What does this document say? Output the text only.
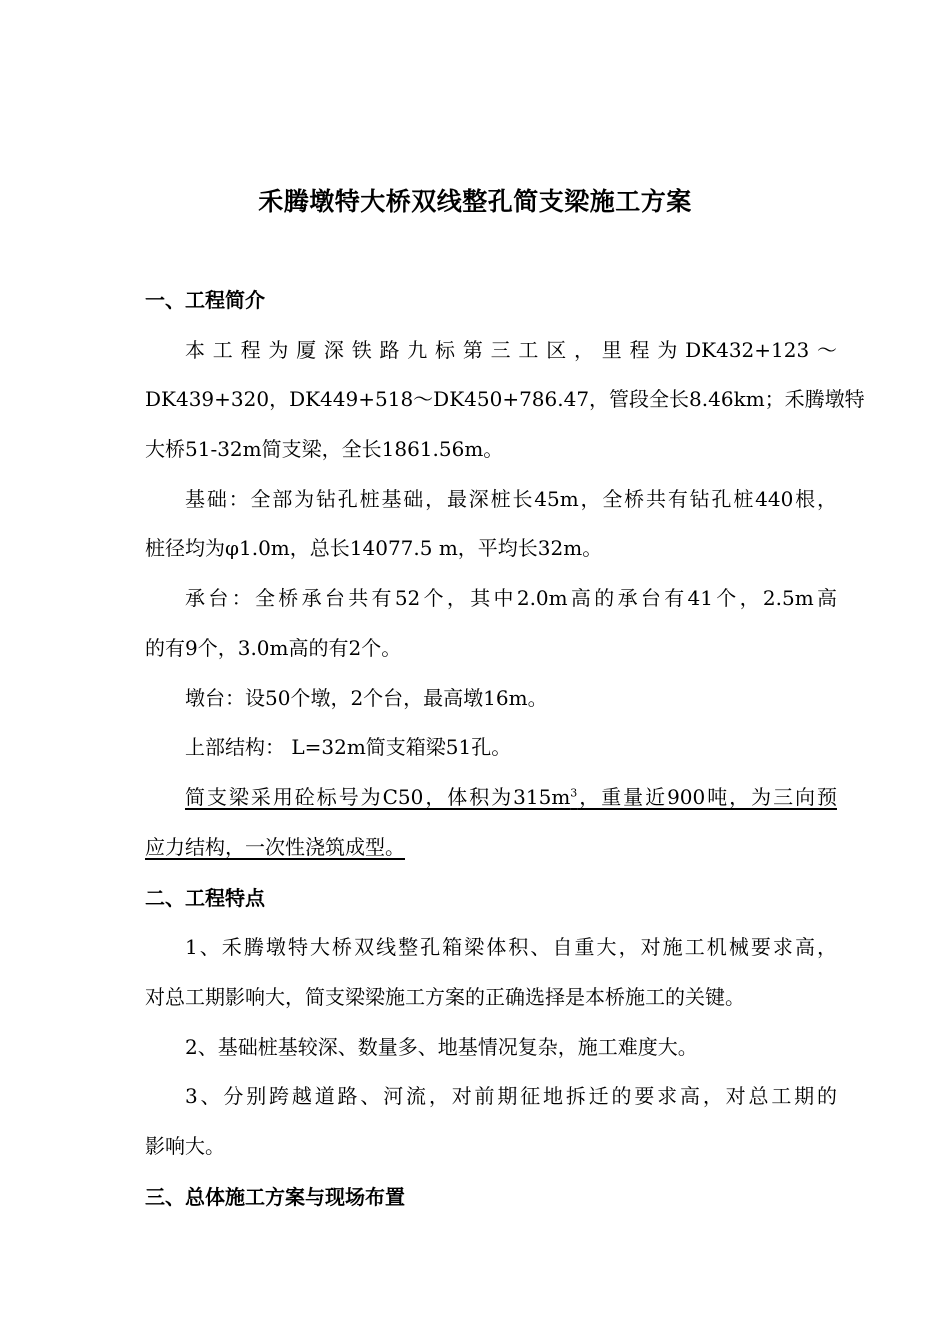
禾腾墩特大桥双线整孔简支梁施工方案
一、工程简介
本工程为厦深铁路九标第三工区，里程为DK432+123～
DK439+320，DK449+518～DK450+786.47，管段全长8.46km；禾腾墩特
大桥51-32m简支梁，全长1861.56m。
基础：全部为钻孔桩基础，最深桩长45m，全桥共有钻孔桩440根，
桩径均为φ1.0m，总长14077.5 m，平均长32m。
承台：全桥承台共有52个，其中2.0m高的承台有41个，2.5m高
的有9个，3.0m高的有2个。
墩台：设50个墩，2个台，最高墩16m。
上部结构： L=32m简支箱梁51孔。
简支梁采用砼标号为C50，体积为$315m^3$，重量近900吨，为三向预
应力结构，一次性浇筑成型。
二、工程特点
1、禾腾墩特大桥双线整孔箱梁体积、自重大，对施工机械要求高，
对总工期影响大，简支梁梁施工方案的正确选择是本桥施工的关键。
2、基础桩基较深、数量多、地基情况复杂，施工难度大。
3、分别跨越道路、河流，对前期征地拆迁的要求高，对总工期的
影响大。
三、总体施工方案与现场布置
